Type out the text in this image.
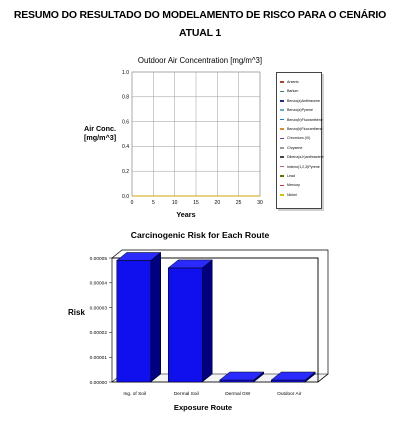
RESUMO DO RESULTADO DO MODELAMENTO DE RISCO PARA O CENÁRIO
ATUAL 1
Outdoor Air Concentration [mg/m^3]
Air Conc.
[mg/m^3]
0	5	10	15	20	25	30
0.0
0.2
0.4
0.6
0.8
1.0
Years
Arsenic
Barium
Benzo(a)Anthracene
Benzo(a)Pyrene
Benzo(b)Fluoranthene
Benzo(k)Fluoranthene
Chromium (VI)
Chrysene
Dibenz(a,h)anthracene
Indeno(1,2,3)Pyrene
Lead
Mercury
Nickel
Carcinogenic Risk for Each Route
Risk
0.00000
0.00001
0.00002
0.00003
0.00004
0.00005
Ing. of Soil	Dermal Soil	Dermal GW	Outdoor Air
Exposure Route
